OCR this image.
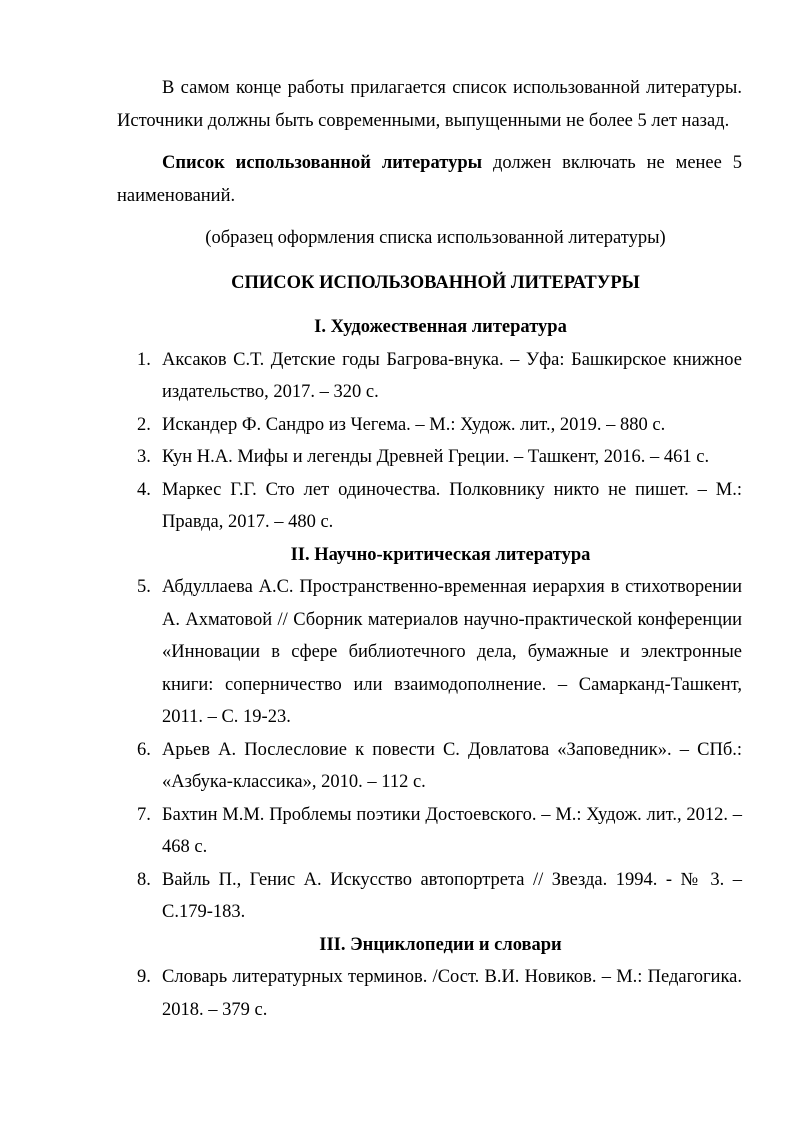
В самом конце работы прилагается список использованной литературы. Источники должны быть современными, выпущенными не более 5 лет назад.

Список использованной литературы должен включать не менее 5 наименований.

(образец оформления списка использованной литературы)

СПИСОК ИСПОЛЬЗОВАННОЙ ЛИТЕРАТУРЫ

I. Художественная литература

1. Аксаков С.Т. Детские годы Багрова-внука. – Уфа: Башкирское книжное издательство, 2017. – 320 с.
2. Искандер Ф. Сандро из Чегема. – М.: Худож. лит., 2019. – 880 с.
3. Кун Н.А. Мифы и легенды Древней Греции. – Ташкент, 2016. – 461 с.
4. Маркес Г.Г. Сто лет одиночества. Полковнику никто не пишет. – М.: Правда, 2017. – 480 с.

II. Научно-критическая литература

5. Абдуллаева А.С. Пространственно-временная иерархия в стихотворении А. Ахматовой // Сборник материалов научно-практической конференции «Инновации в сфере библиотечного дела, бумажные и электронные книги: соперничество или взаимодополнение. – Самарканд-Ташкент, 2011. – С. 19-23.
6. Арьев А. Послесловие к повести С. Довлатова «Заповедник». – СПб.: «Азбука-классика», 2010. – 112 с.
7. Бахтин М.М. Проблемы поэтики Достоевского. – М.: Худож. лит., 2012. – 468 с.
8. Вайль П., Генис А. Искусство автопортрета // Звезда. 1994. - № 3. – С.179-183.

III. Энциклопедии и словари

9. Словарь литературных терминов. /Сост. В.И. Новиков. – М.: Педагогика. 2018. – 379 с.
